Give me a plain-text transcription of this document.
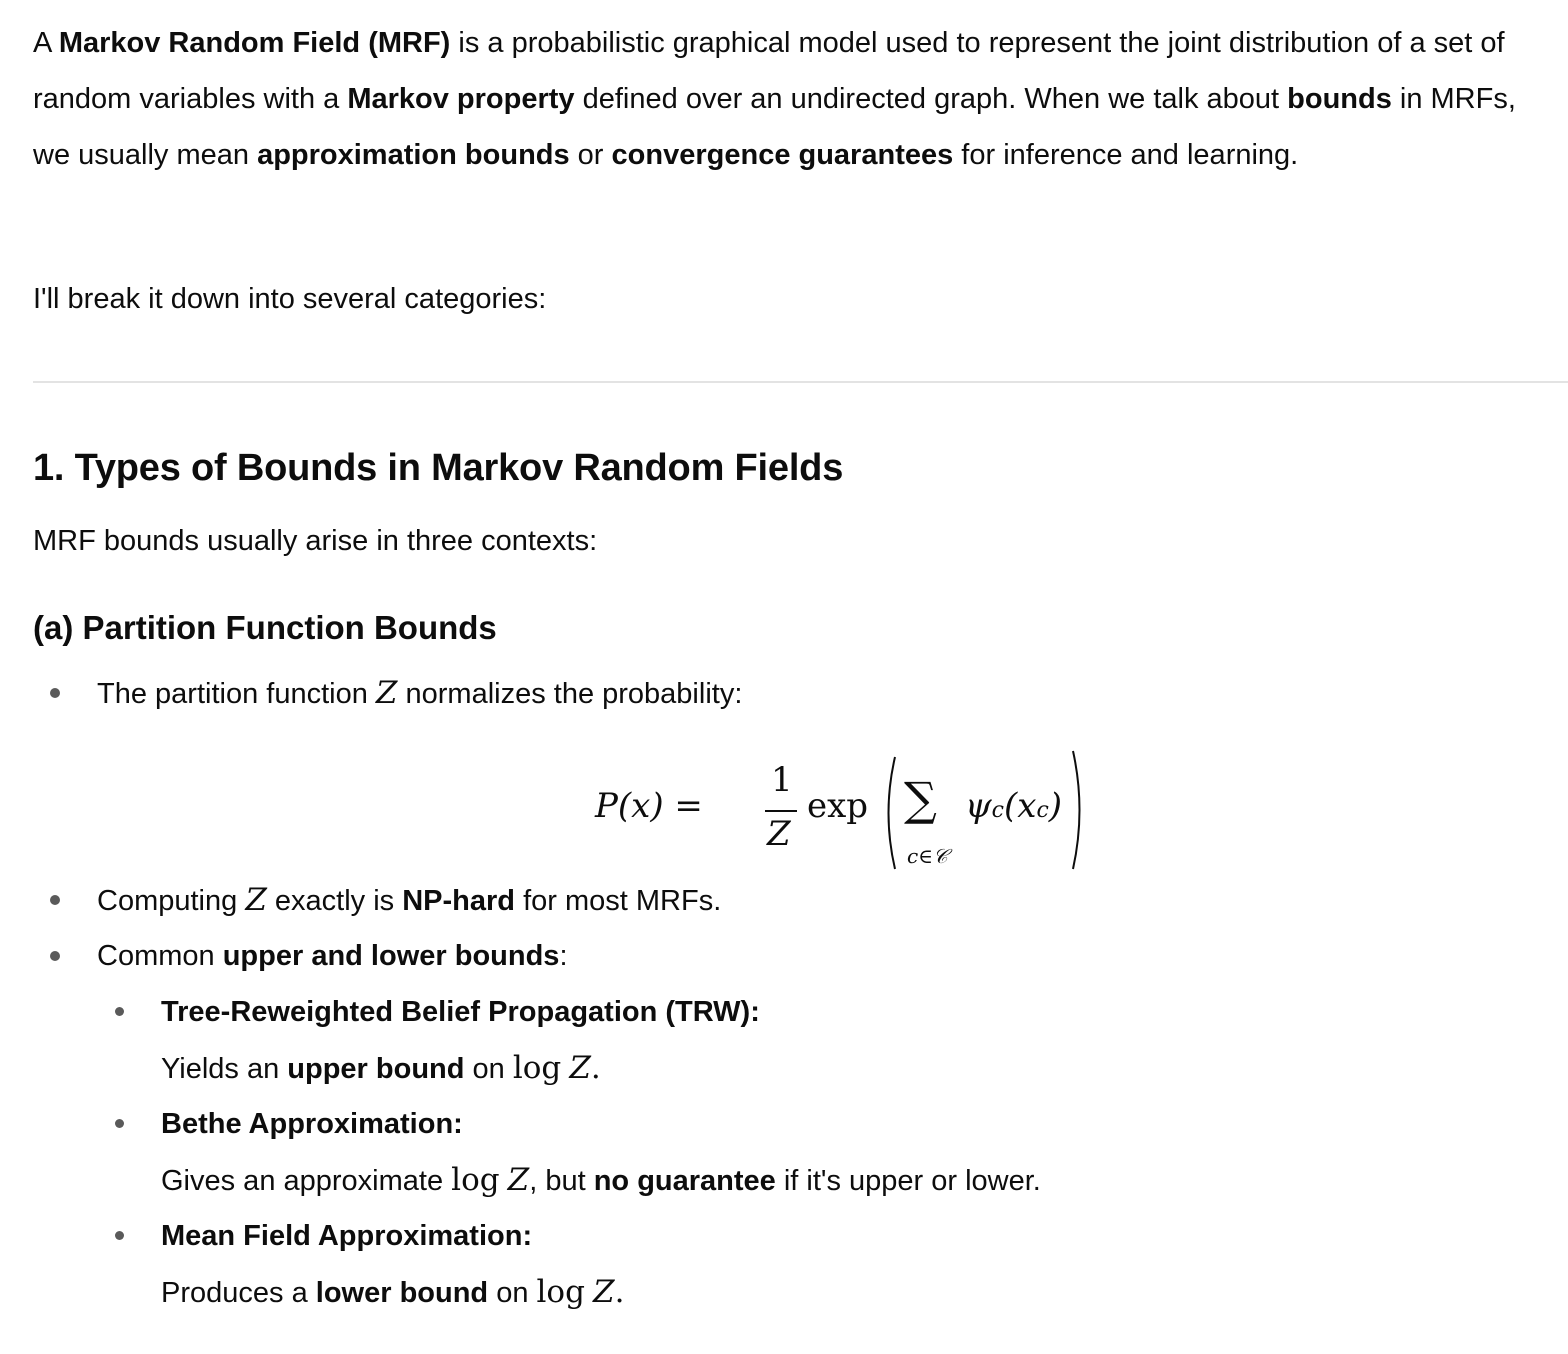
A Markov Random Field (MRF) is a probabilistic graphical model used to represent the joint distribution of a set of random variables with a Markov property defined over an undirected graph. When we talk about bounds in MRFs, we usually mean approximation bounds or convergence guarantees for inference and learning.

I'll break it down into several categories:

1. Types of Bounds in Markov Random Fields

MRF bounds usually arise in three contexts:

(a) Partition Function Bounds
The partition function Z normalizes the probability:
P(x) =
1
Z
exp ∑
c∈𝒞
ψc(xc)
Computing Z exactly is NP-hard for most MRFs.
Common upper and lower bounds:
Tree-Reweighted Belief Propagation (TRW):
Yields an upper bound on log Z.
Bethe Approximation:
Gives an approximate log Z, but no guarantee if it's upper or lower.
Mean Field Approximation:
Produces a lower bound on log Z.
